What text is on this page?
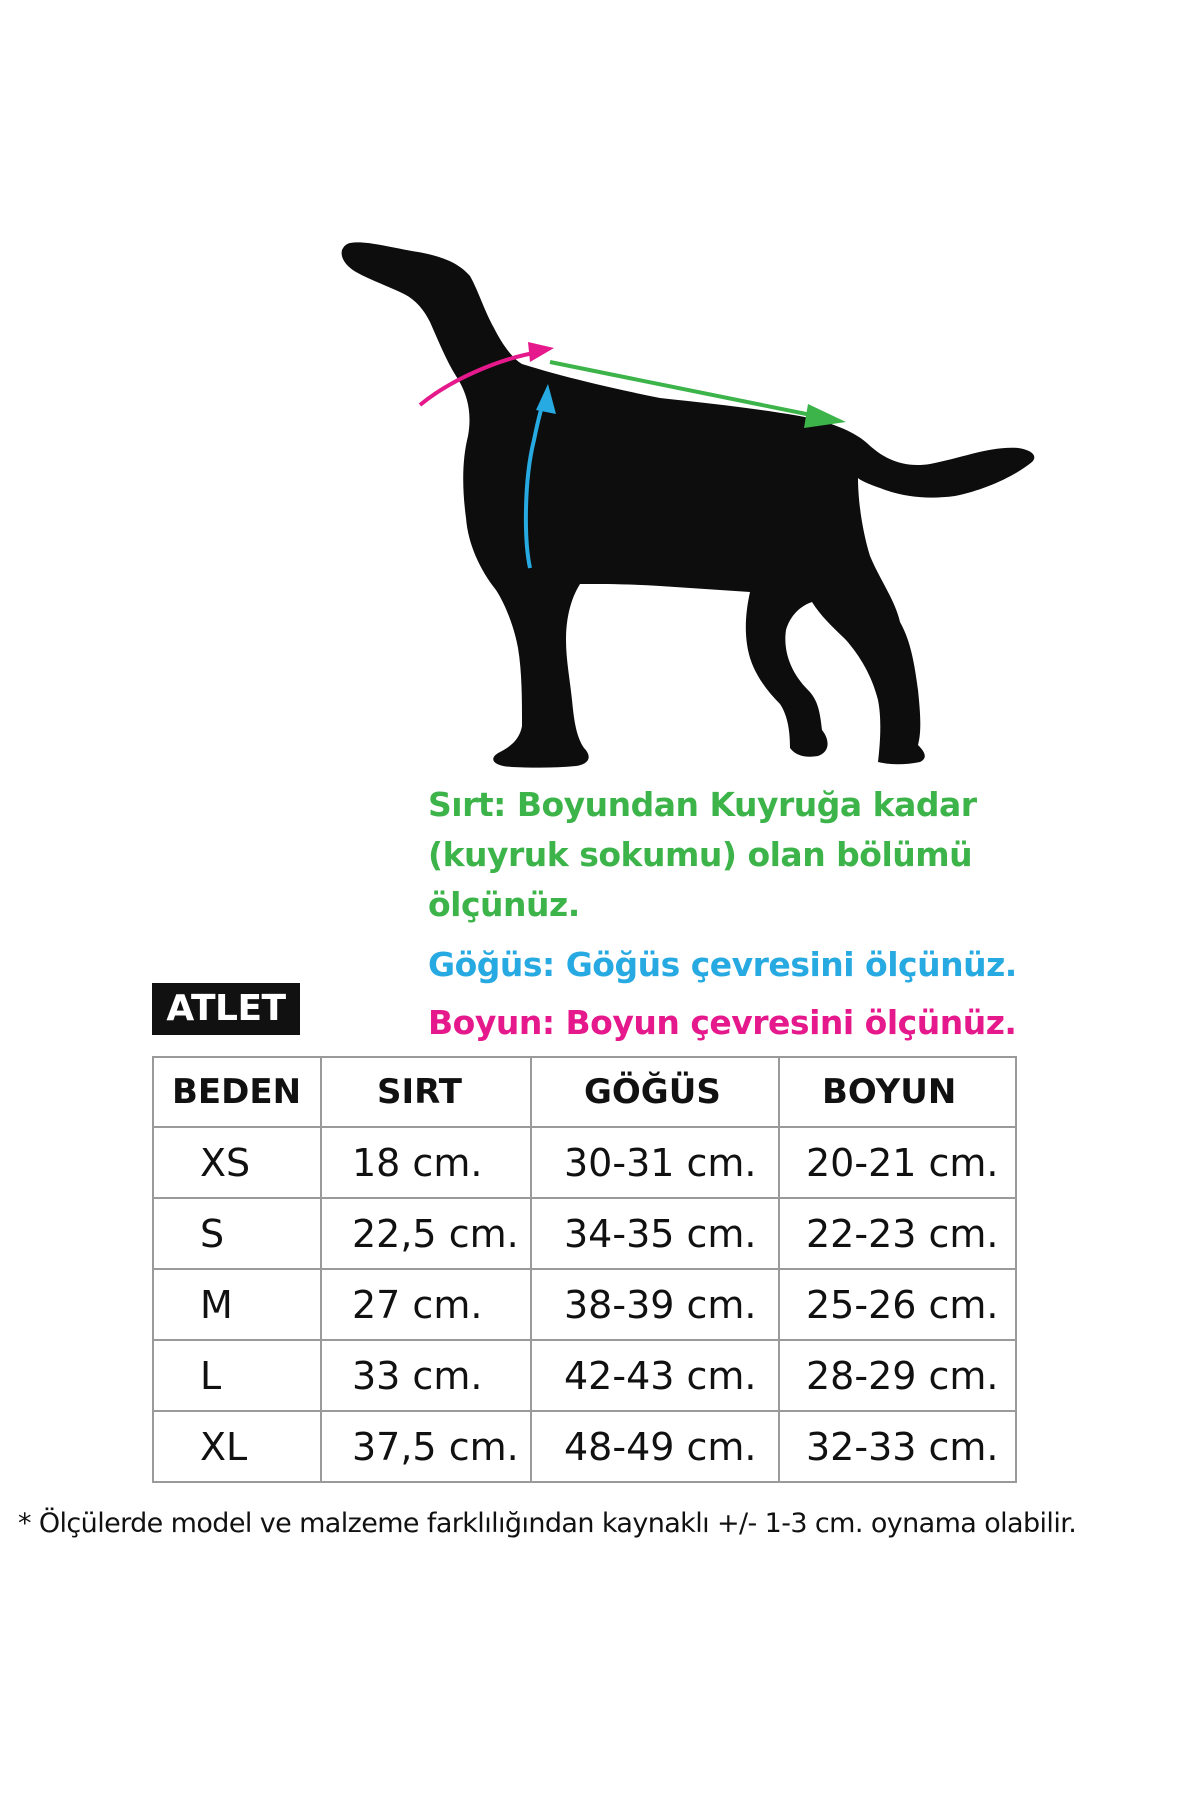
Sırt: Boyundan Kuyruğa kadar

(kuyruk sokumu) olan bölümü

ölçünüz.

Göğüs: Göğüs çevresini ölçünüz.

Boyun: Boyun çevresini ölçünüz.

ATLET
BEDEN	SIRT	GÖĞÜS	BOYUN
XS	18 cm.	30-31 cm.	20-21 cm.
S	22,5 cm.	34-35 cm.	22-23 cm.
M	27 cm.	38-39 cm.	25-26 cm.
L	33 cm.	42-43 cm.	28-29 cm.
XL	37,5 cm.	48-49 cm.	32-33 cm.

* Ölçülerde model ve malzeme farklılığından kaynaklı +/- 1-3 cm. oynama olabilir.
